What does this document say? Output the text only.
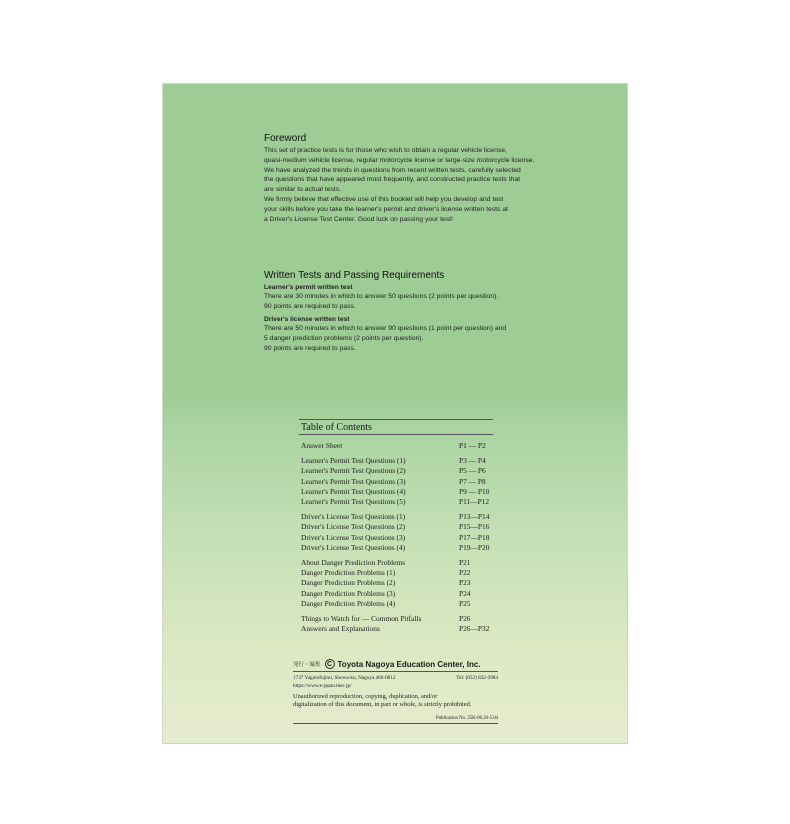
Foreword

This set of practice tests is for those who wish to obtain a regular vehicle license,

quasi-medium vehicle license, regular motorcycle license or large-size motorcycle license.

We have analyzed the trends in questions from recent written tests, carefully selected

the questions that have appeared most frequently, and constructed practice tests that

are similar to actual tests.

We firmly believe that effective use of this booklet will help you develop and test

your skills before you take the learner's permit and driver's license written tests at

a Driver's License Test Center. Good luck on passing your test!

Written Tests and Passing Requirements
Learner's permit written test

There are 30 minutes in which to answer 50 questions (2 points per question).

90 points are required to pass.

Driver's license written test

There are 50 minutes in which to answer 90 questions (1 point per question) and

5 danger prediction problems (2 points per question).

90 points are required to pass.

Table of Contents
Answer Sheet	P1 — P2
Learner's Permit Test Questions (1)	P3 — P4
Learner's Permit Test Questions (2)	P5 — P6
Learner's Permit Test Questions (3)	P7 — P8
Learner's Permit Test Questions (4)	P9 — P10
Learner's Permit Test Questions (5)	P11—P12
Driver's License Test Questions (1)	P13—P14
Driver's License Test Questions (2)	P15—P16
Driver's License Test Questions (3)	P17—P18
Driver's License Test Questions (4)	P19—P20
About Danger Prediction Problems	P21
Danger Prediction Problems (1)	P22
Danger Prediction Problems (2)	P23
Danger Prediction Problems (3)	P24
Danger Prediction Problems (4)	P25
Things to Watch for — Common Pitfalls	P26
Answers and Explanations	P26—P32
発行・編集 C Toyota Nagoya Education Center, Inc.
1737 Yagotofujimi, Showa-ku, Nagoya 466-0812	Tel: (052) 832-3904
https://www.e-japan.tnec.jp/
Unauthorized reproduction, copying, duplication, and/or
digitalization of this document, in part or whole, is strictly prohibited.
Publication No. 25K-06.20-5.04
